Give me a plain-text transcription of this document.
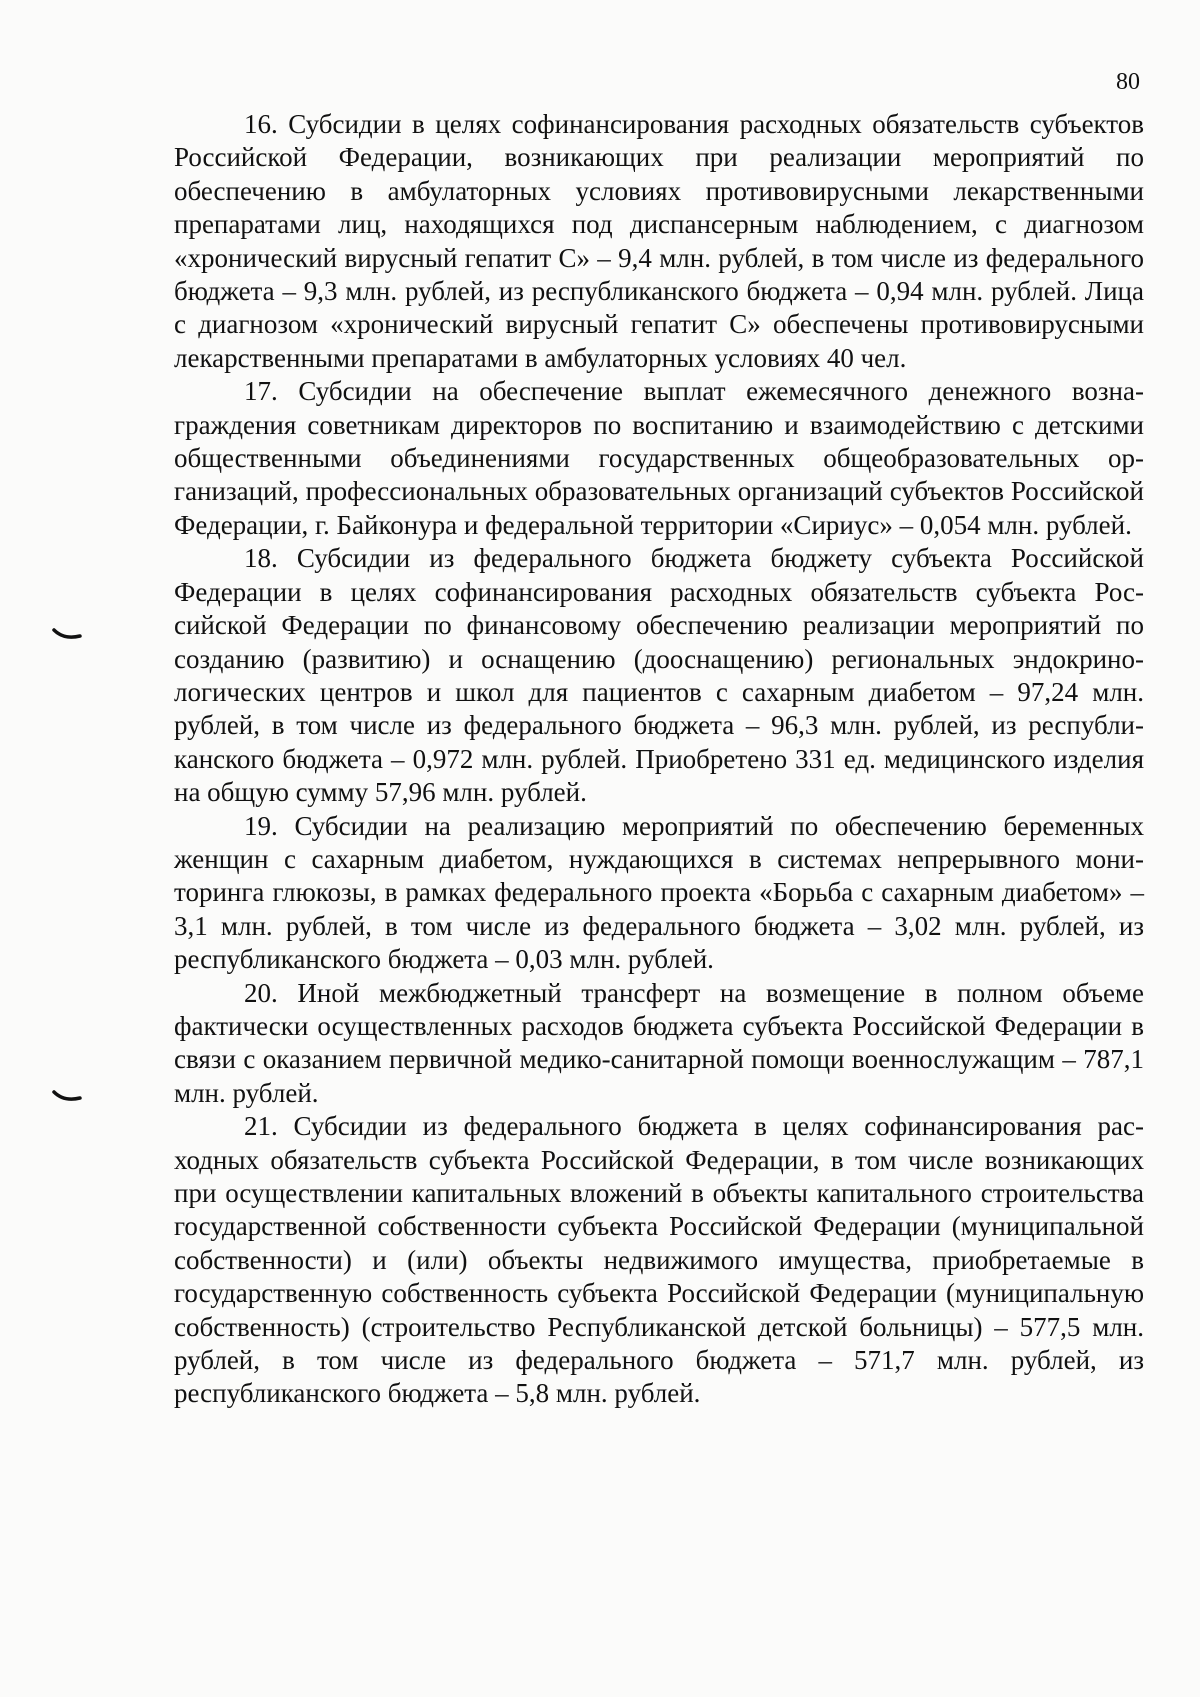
80

16. Субсидии в целях софинансирования расходных обязательств субъектов Российской Федерации, возникающих при реализации мероприятий по обеспечению в амбулаторных условиях противовирусными лекарственными препаратами лиц, находящихся под диспансерным наблюдением, с диагнозом «хронический вирусный гепатит С» – 9,4 млн. рублей, в том числе из федерального бюджета – 9,3 млн. рублей, из республиканского бюджета – 0,94 млн. рублей. Лица с диагнозом «хронический вирусный гепатит С» обеспечены противовирусными лекарственными препаратами в амбулаторных условиях 40 чел.

17. Субсидии на обеспечение выплат ежемесячного денежного вознаграждения советникам директоров по воспитанию и взаимодействию с детскими общественными объединениями государственных общеобразовательных организаций, профессиональных образовательных организаций субъектов Российской Федерации, г. Байконура и федеральной территории «Сириус» – 0,054 млн. рублей.

18. Субсидии из федерального бюджета бюджету субъекта Российской Федерации в целях софинансирования расходных обязательств субъекта Российской Федерации по финансовому обеспечению реализации мероприятий по созданию (развитию) и оснащению (дооснащению) региональных эндокринологических центров и школ для пациентов с сахарным диабетом – 97,24 млн. рублей, в том числе из федерального бюджета – 96,3 млн. рублей, из республиканского бюджета – 0,972 млн. рублей. Приобретено 331 ед. медицинского изделия на общую сумму 57,96 млн. рублей.

19. Субсидии на реализацию мероприятий по обеспечению беременных женщин с сахарным диабетом, нуждающихся в системах непрерывного мониторинга глюкозы, в рамках федерального проекта «Борьба с сахарным диабетом» – 3,1 млн. рублей, в том числе из федерального бюджета – 3,02 млн. рублей, из республиканского бюджета – 0,03 млн. рублей.

20. Иной межбюджетный трансферт на возмещение в полном объеме фактически осуществленных расходов бюджета субъекта Российской Федерации в связи с оказанием первичной медико-санитарной помощи военнослужащим – 787,1 млн. рублей.

21. Субсидии из федерального бюджета в целях софинансирования расходных обязательств субъекта Российской Федерации, в том числе возникающих при осуществлении капитальных вложений в объекты капитального строительства государственной собственности субъекта Российской Федерации (муниципальной собственности) и (или) объекты недвижимого имущества, приобретаемые в государственную собственность субъекта Российской Федерации (муниципальную собственность) (строительство Республиканской детской больницы) – 577,5 млн. рублей, в том числе из федерального бюджета – 571,7 млн. рублей, из республиканского бюджета – 5,8 млн. рублей.
